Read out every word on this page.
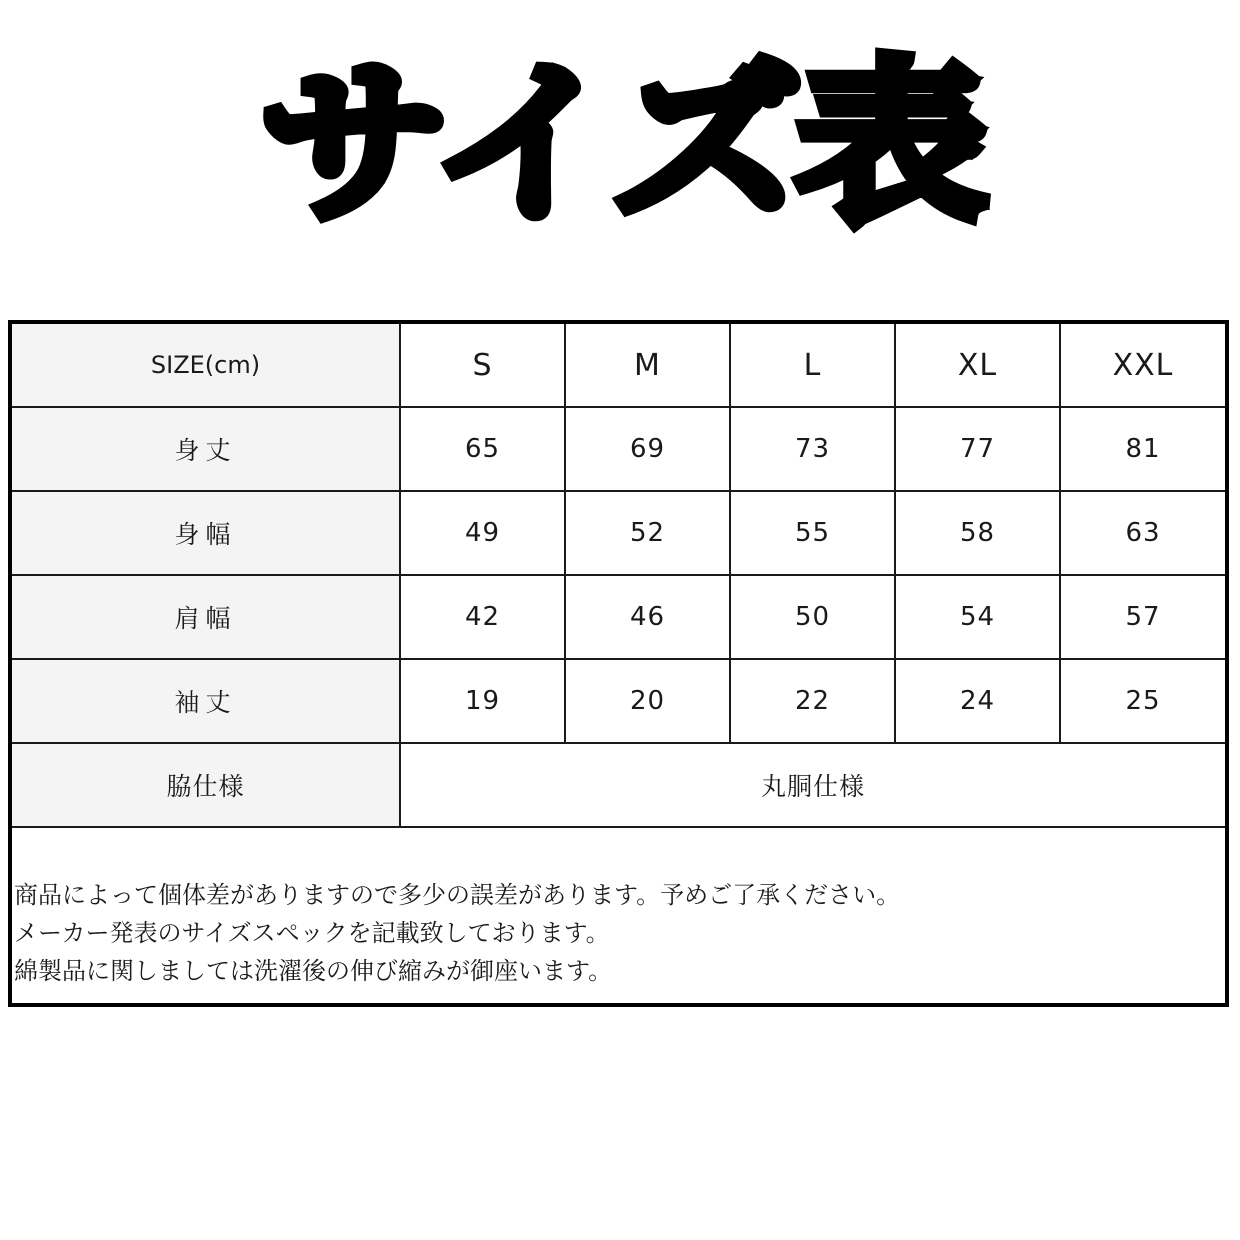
サイズ表
SIZE(cm)	S	M	L	XL	XXL
身丈	65	69	73	77	81
身幅	49	52	55	58	63
肩幅	42	46	50	54	57
袖丈	19	20	22	24	25
脇仕様	丸胴仕様				
商品によって個体差がありますので多少の誤差があります。予めご了承ください。
メーカー発表のサイズスペックを記載致しております。
綿製品に関しましては洗濯後の伸び縮みが御座います。
